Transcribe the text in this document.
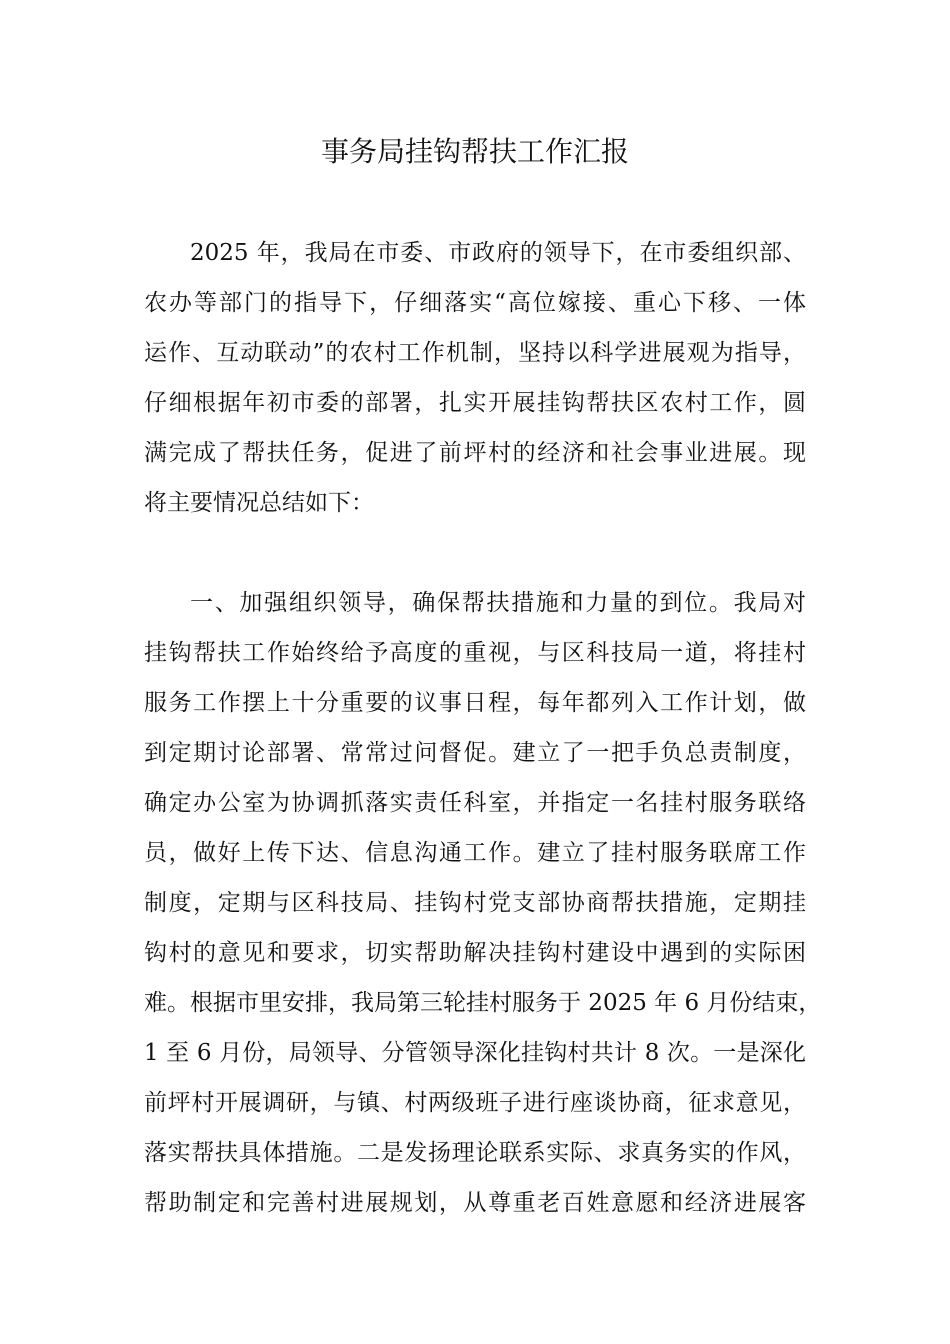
事务局挂钩帮扶工作汇报
2025 年，我局在市委、市政府的领导下，在市委组织部、
农办等部门的指导下，仔细落实“高位嫁接、重心下移、一体
运作、互动联动”的农村工作机制，坚持以科学进展观为指导，
仔细根据年初市委的部署，扎实开展挂钩帮扶区农村工作，圆
满完成了帮扶任务，促进了前坪村的经济和社会事业进展。现
将主要情况总结如下：
一、加强组织领导，确保帮扶措施和力量的到位。我局对
挂钩帮扶工作始终给予高度的重视，与区科技局一道，将挂村
服务工作摆上十分重要的议事日程，每年都列入工作计划，做
到定期讨论部署、常常过问督促。建立了一把手负总责制度，
确定办公室为协调抓落实责任科室，并指定一名挂村服务联络
员，做好上传下达、信息沟通工作。建立了挂村服务联席工作
制度，定期与区科技局、挂钩村党支部协商帮扶措施，定期挂
钩村的意见和要求，切实帮助解决挂钩村建设中遇到的实际困
难。根据市里安排，我局第三轮挂村服务于 2025 年 6 月份结束，
1 至 6 月份，局领导、分管领导深化挂钩村共计 8 次。一是深化
前坪村开展调研，与镇、村两级班子进行座谈协商，征求意见，
落实帮扶具体措施。二是发扬理论联系实际、求真务实的作风，
帮助制定和完善村进展规划，从尊重老百姓意愿和经济进展客
